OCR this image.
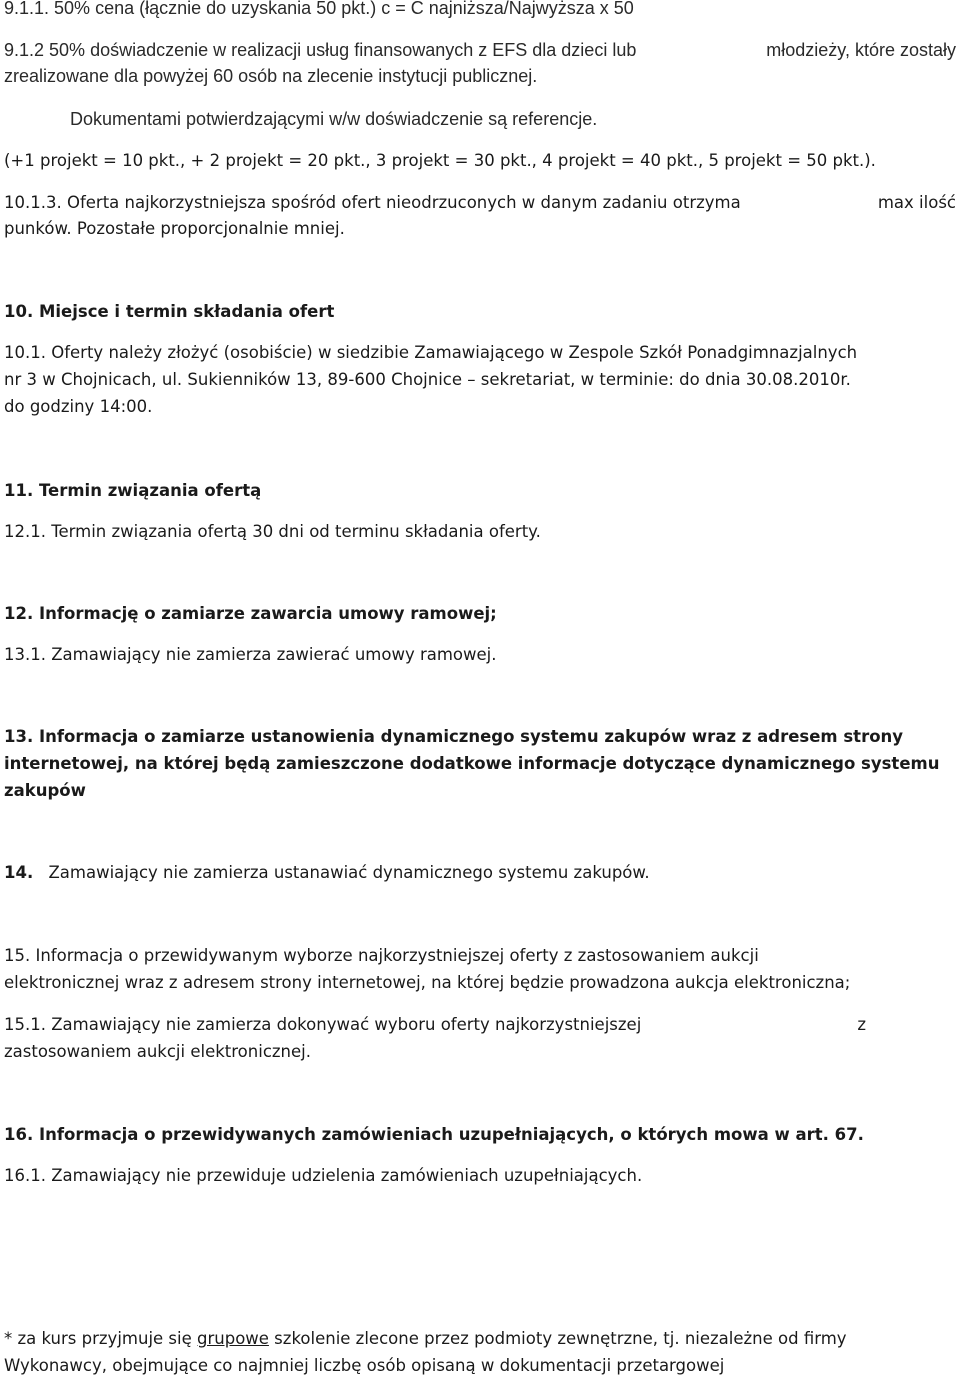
9.1.1. 50% cena (łącznie do uzyskania 50 pkt.) c = C najniższa/Najwyższa x 50
9.1.2 50% doświadczenie w realizacji usług finansowanych z EFS dla dzieci lub	młodzieży, które zostały
zrealizowane dla powyżej 60 osób na zlecenie instytucji publicznej.
Dokumentami potwierdzającymi w/w doświadczenie są referencje.
(+1 projekt = 10 pkt., + 2 projekt = 20 pkt., 3 projekt = 30 pkt., 4 projekt = 40 pkt., 5 projekt = 50 pkt.).
10.1.3. Oferta najkorzystniejsza spośród ofert nieodrzuconych w danym zadaniu otrzyma	max ilość
punków. Pozostałe proporcjonalnie mniej.
10. Miejsce i termin składania ofert
10.1. Oferty należy złożyć (osobiście) w siedzibie Zamawiającego w Zespole Szkół Ponadgimnazjalnych
nr 3 w Chojnicach, ul. Sukienników 13, 89-600 Chojnice – sekretariat, w terminie: do dnia 30.08.2010r.
do godziny 14:00.
11. Termin związania ofertą
12.1. Termin związania ofertą 30 dni od terminu składania oferty.
12. Informację o zamiarze zawarcia umowy ramowej;
13.1. Zamawiający nie zamierza zawierać umowy ramowej.
13. Informacja o zamiarze ustanowienia dynamicznego systemu zakupów wraz z adresem strony
internetowej, na której będą zamieszczone dodatkowe informacje dotyczące dynamicznego systemu
zakupów
14. Zamawiający nie zamierza ustanawiać dynamicznego systemu zakupów.
15. Informacja o przewidywanym wyborze najkorzystniejszej oferty z zastosowaniem aukcji
elektronicznej wraz z adresem strony internetowej, na której będzie prowadzona aukcja elektroniczna;
15.1. Zamawiający nie zamierza dokonywać wyboru oferty najkorzystniejszej	z
zastosowaniem aukcji elektronicznej.
16. Informacja o przewidywanych zamówieniach uzupełniających, o których mowa w art. 67.
16.1. Zamawiający nie przewiduje udzielenia zamówieniach uzupełniających.
* za kurs przyjmuje się grupowe szkolenie zlecone przez podmioty zewnętrzne, tj. niezależne od firmy
Wykonawcy, obejmujące co najmniej liczbę osób opisaną w dokumentacji przetargowej
